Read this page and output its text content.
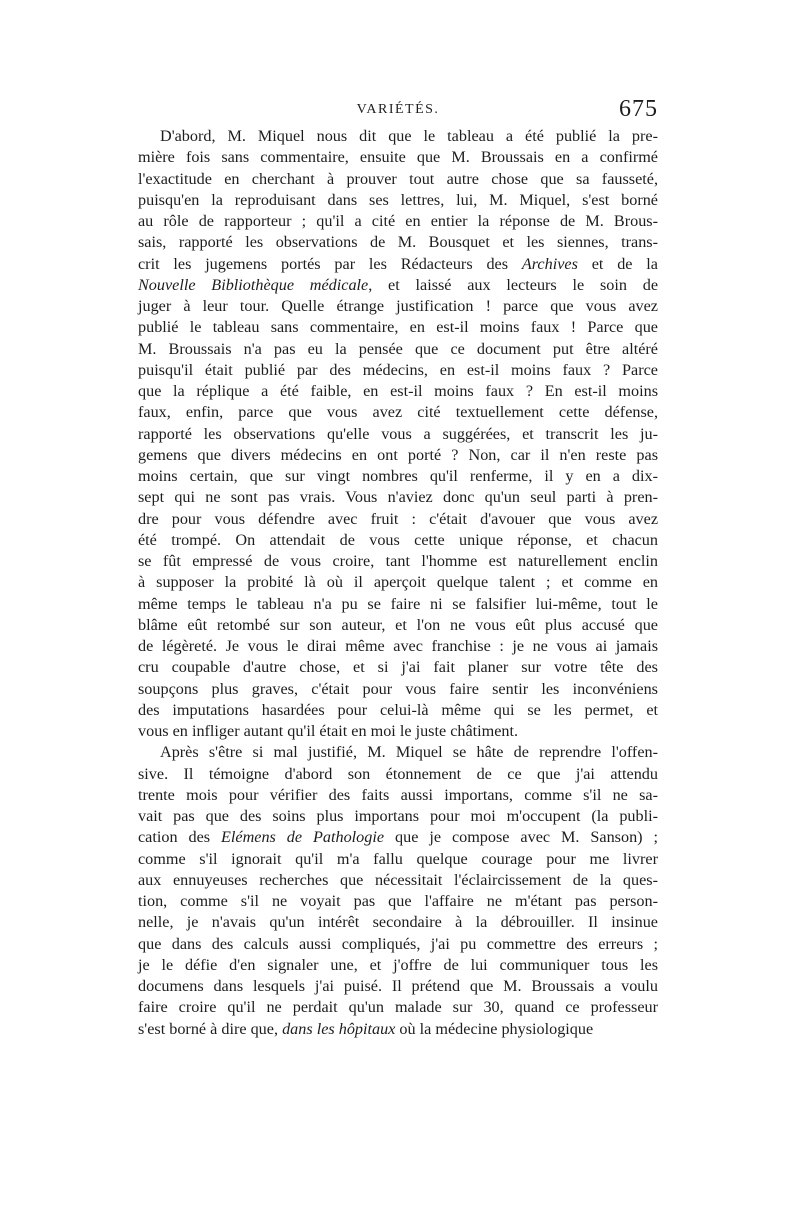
VARIÉTÉS.	675

D'abord, M. Miquel nous dit que le tableau a été publié la pre-
mière fois sans commentaire, ensuite que M. Broussais en a confirmé
l'exactitude en cherchant à prouver tout autre chose que sa fausseté,
puisqu'en la reproduisant dans ses lettres, lui, M. Miquel, s'est borné
au rôle de rapporteur ; qu'il a cité en entier la réponse de M. Brous-
sais, rapporté les observations de M. Bousquet et les siennes, trans-
crit les jugemens portés par les Rédacteurs des Archives et de la
Nouvelle Bibliothèque médicale, et laissé aux lecteurs le soin de
juger à leur tour. Quelle étrange justification ! parce que vous avez
publié le tableau sans commentaire, en est-il moins faux ! Parce que
M. Broussais n'a pas eu la pensée que ce document put être altéré
puisqu'il était publié par des médecins, en est-il moins faux ? Parce
que la réplique a été faible, en est-il moins faux ? En est-il moins
faux, enfin, parce que vous avez cité textuellement cette défense,
rapporté les observations qu'elle vous a suggérées, et transcrit les ju-
gemens que divers médecins en ont porté ? Non, car il n'en reste pas
moins certain, que sur vingt nombres qu'il renferme, il y en a dix-
sept qui ne sont pas vrais. Vous n'aviez donc qu'un seul parti à pren-
dre pour vous défendre avec fruit : c'était d'avouer que vous avez
été trompé. On attendait de vous cette unique réponse, et chacun
se fût empressé de vous croire, tant l'homme est naturellement enclin
à supposer la probité là où il aperçoit quelque talent ; et comme en
même temps le tableau n'a pu se faire ni se falsifier lui-même, tout le
blâme eût retombé sur son auteur, et l'on ne vous eût plus accusé que
de légèreté. Je vous le dirai même avec franchise : je ne vous ai jamais
cru coupable d'autre chose, et si j'ai fait planer sur votre tête des
soupçons plus graves, c'était pour vous faire sentir les inconvéniens
des imputations hasardées pour celui-là même qui se les permet, et
vous en infliger autant qu'il était en moi le juste châtiment.

Après s'être si mal justifié, M. Miquel se hâte de reprendre l'offen-
sive. Il témoigne d'abord son étonnement de ce que j'ai attendu
trente mois pour vérifier des faits aussi importans, comme s'il ne sa-
vait pas que des soins plus importans pour moi m'occupent (la publi-
cation des Elémens de Pathologie que je compose avec M. Sanson) ;
comme s'il ignorait qu'il m'a fallu quelque courage pour me livrer
aux ennuyeuses recherches que nécessitait l'éclaircissement de la ques-
tion, comme s'il ne voyait pas que l'affaire ne m'étant pas person-
nelle, je n'avais qu'un intérêt secondaire à la débrouiller. Il insinue
que dans des calculs aussi compliqués, j'ai pu commettre des erreurs ;
je le défie d'en signaler une, et j'offre de lui communiquer tous les
documens dans lesquels j'ai puisé. Il prétend que M. Broussais a voulu
faire croire qu'il ne perdait qu'un malade sur 30, quand ce professeur
s'est borné à dire que, dans les hôpitaux où la médecine physiologique
